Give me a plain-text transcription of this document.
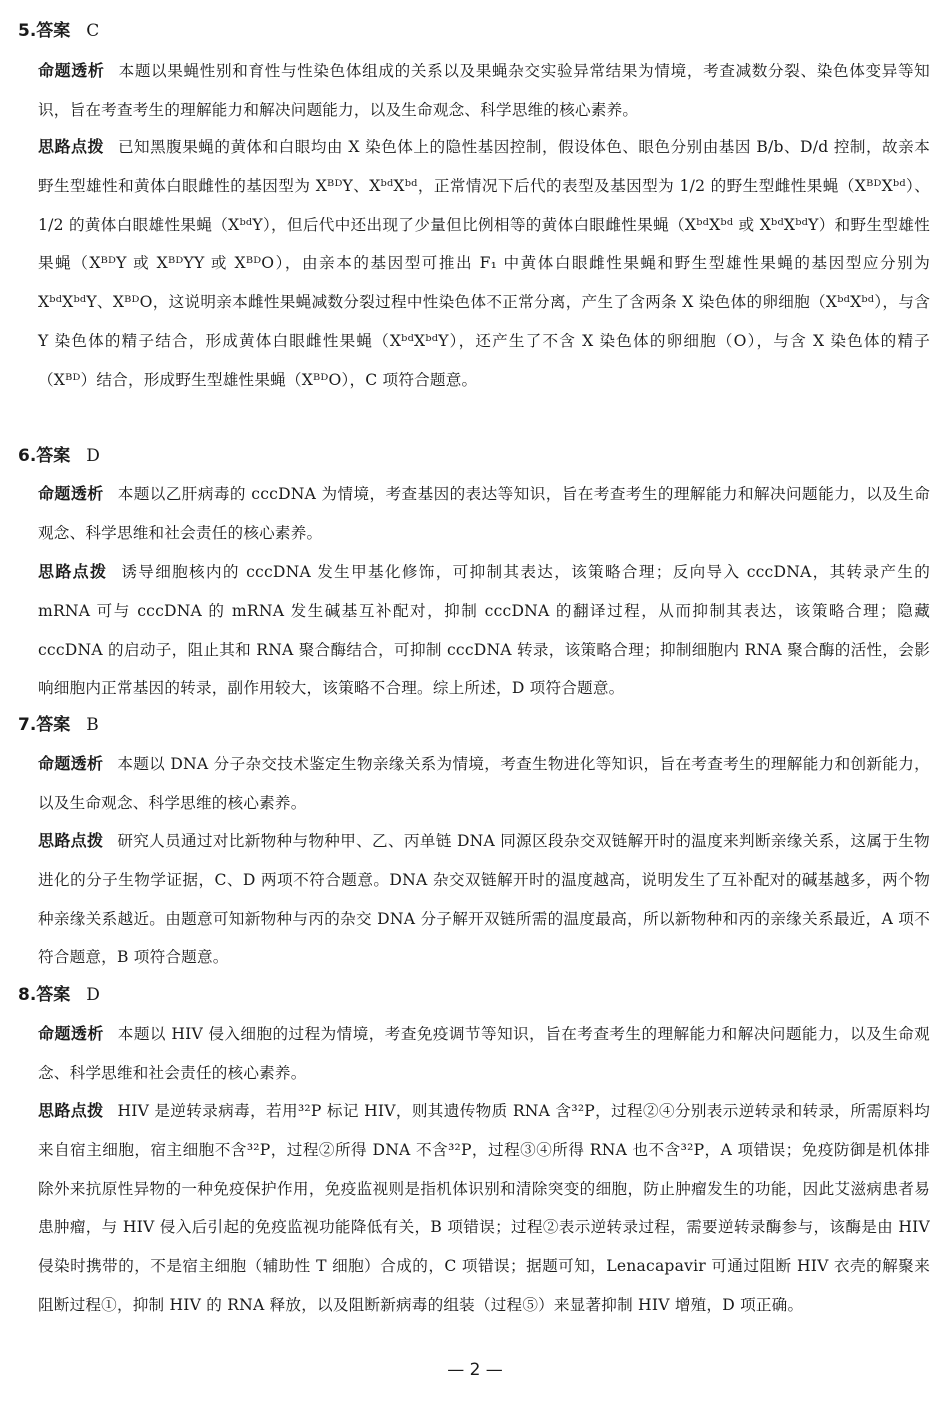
5.答案 C
命题透析 本题以果蝇性别和育性与性染色体组成的关系以及果蝇杂交实验异常结果为情境，考查减数分裂、染色体变异等知识，旨在考查考生的理解能力和解决问题能力，以及生命观念、科学思维的核心素养。
思路点拨 已知黑腹果蝇的黄体和白眼均由 X 染色体上的隐性基因控制，假设体色、眼色分别由基因 B/b、D/d 控制，故亲本野生型雄性和黄体白眼雌性的基因型为 XᴮᴰY、XᵇᵈXᵇᵈ，正常情况下后代的表型及基因型为 1/2 的野生型雌性果蝇（XᴮᴰXᵇᵈ）、1/2 的黄体白眼雄性果蝇（XᵇᵈY），但后代中还出现了少量但比例相等的黄体白眼雌性果蝇（XᵇᵈXᵇᵈ 或 XᵇᵈXᵇᵈY）和野生型雄性果蝇（XᴮᴰY 或 XᴮᴰYY 或 XᴮᴰO），由亲本的基因型可推出 F₁ 中黄体白眼雌性果蝇和野生型雄性果蝇的基因型应分别为 XᵇᵈXᵇᵈY、XᴮᴰO，这说明亲本雌性果蝇减数分裂过程中性染色体不正常分离，产生了含两条 X 染色体的卵细胞（XᵇᵈXᵇᵈ），与含 Y 染色体的精子结合，形成黄体白眼雌性果蝇（XᵇᵈXᵇᵈY），还产生了不含 X 染色体的卵细胞（O），与含 X 染色体的精子（Xᴮᴰ）结合，形成野生型雄性果蝇（XᴮᴰO），C 项符合题意。
6.答案 D
命题透析 本题以乙肝病毒的 cccDNA 为情境，考查基因的表达等知识，旨在考查考生的理解能力和解决问题能力，以及生命观念、科学思维和社会责任的核心素养。
思路点拨 诱导细胞核内的 cccDNA 发生甲基化修饰，可抑制其表达，该策略合理；反向导入 cccDNA，其转录产生的 mRNA 可与 cccDNA 的 mRNA 发生碱基互补配对，抑制 cccDNA 的翻译过程，从而抑制其表达，该策略合理；隐藏 cccDNA 的启动子，阻止其和 RNA 聚合酶结合，可抑制 cccDNA 转录，该策略合理；抑制细胞内 RNA 聚合酶的活性，会影响细胞内正常基因的转录，副作用较大，该策略不合理。综上所述，D 项符合题意。
7.答案 B
命题透析 本题以 DNA 分子杂交技术鉴定生物亲缘关系为情境，考查生物进化等知识，旨在考查考生的理解能力和创新能力，以及生命观念、科学思维的核心素养。
思路点拨 研究人员通过对比新物种与物种甲、乙、丙单链 DNA 同源区段杂交双链解开时的温度来判断亲缘关系，这属于生物进化的分子生物学证据，C、D 两项不符合题意。DNA 杂交双链解开时的温度越高，说明发生了互补配对的碱基越多，两个物种亲缘关系越近。由题意可知新物种与丙的杂交 DNA 分子解开双链所需的温度最高，所以新物种和丙的亲缘关系最近，A 项不符合题意，B 项符合题意。
8.答案 D
命题透析 本题以 HIV 侵入细胞的过程为情境，考查免疫调节等知识，旨在考查考生的理解能力和解决问题能力，以及生命观念、科学思维和社会责任的核心素养。
思路点拨 HIV 是逆转录病毒，若用³²P 标记 HIV，则其遗传物质 RNA 含³²P，过程②④分别表示逆转录和转录，所需原料均来自宿主细胞，宿主细胞不含³²P，过程②所得 DNA 不含³²P，过程③④所得 RNA 也不含³²P，A 项错误；免疫防御是机体排除外来抗原性异物的一种免疫保护作用，免疫监视则是指机体识别和清除突变的细胞，防止肿瘤发生的功能，因此艾滋病患者易患肿瘤，与 HIV 侵入后引起的免疫监视功能降低有关，B 项错误；过程②表示逆转录过程，需要逆转录酶参与，该酶是由 HIV 侵染时携带的，不是宿主细胞（辅助性 T 细胞）合成的，C 项错误；据题可知，Lenacapavir 可通过阻断 HIV 衣壳的解聚来阻断过程①，抑制 HIV 的 RNA 释放，以及阻断新病毒的组装（过程⑤）来显著抑制 HIV 增殖，D 项正确。
— 2 —
